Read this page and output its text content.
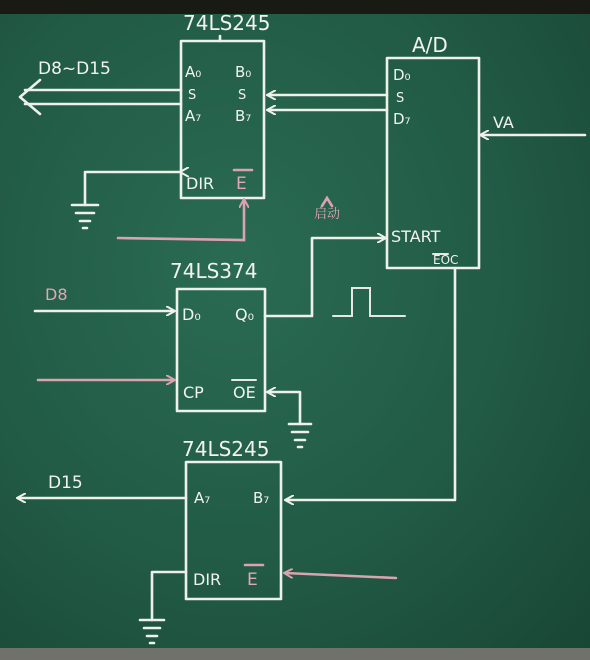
74LS245
A₀
S
A₇
B₀
S
B₇
DIR E
D8~D15
A/D
D₀
S
D₇
START
EOC
VA
启动
74LS374
D₀ Q₀
CP OE
D8
74LS245
A₇	B₇
DIR E
D15
